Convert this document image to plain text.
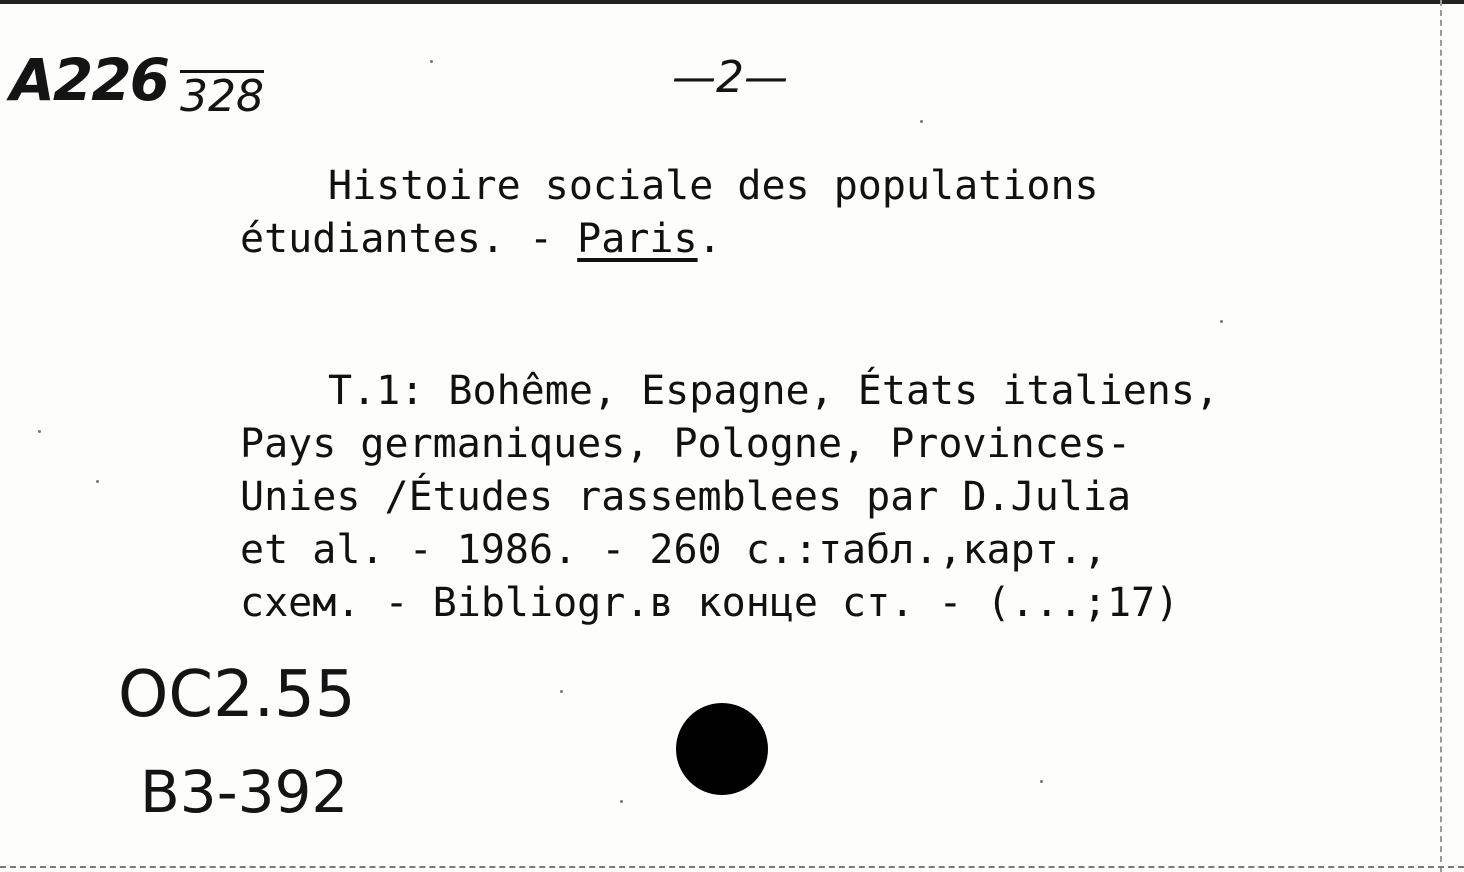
A226 328	—2—
Histoire sociale des populations
étudiantes. - Paris.
T.1: Bohême, Espagne, États italiens,
Pays germaniques, Pologne, Provinces-
Unies /Études rassemblees par D.Julia
et al. - 1986. - 260 c.:табл.,карт.,
схем. - Bibliogr.в конце ст. - (...;17)
ОС2.55
В3-392
